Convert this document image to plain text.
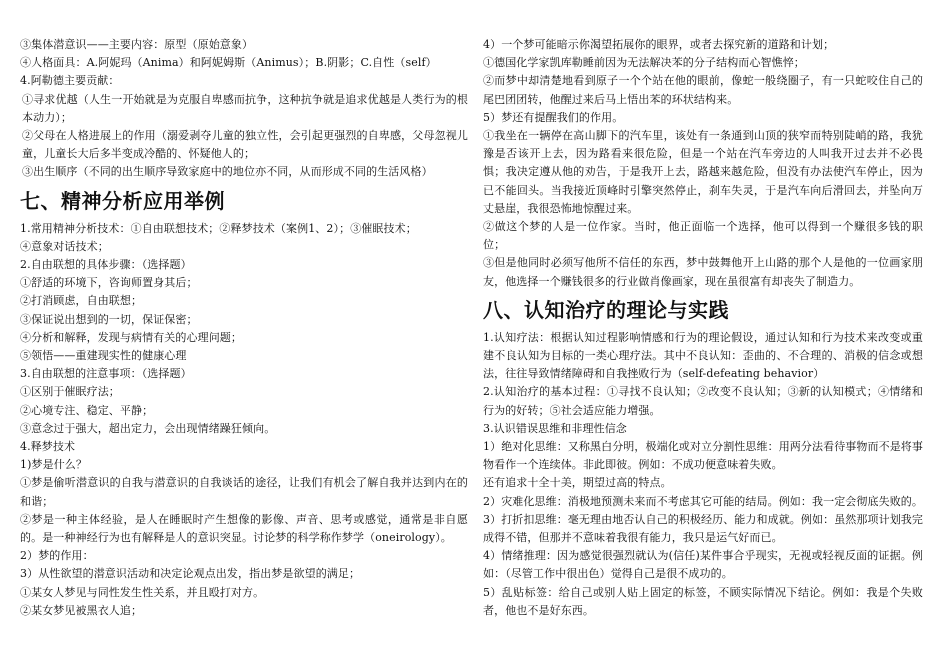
③集体潜意识——主要内容：原型（原始意象）

④人格面具：A.阿妮玛（Anima）和阿妮姆斯（Animus）；B.阴影；C.自性（self）

4.阿勒德主要贡献：

①寻求优越（人生一开始就是为克服自卑感而抗争，这种抗争就是追求优越是人类行为的根本动力）；

②父母在人格进展上的作用（溺爱剥夺儿童的独立性，会引起更强烈的自卑感，父母忽视儿童，儿童长大后多半变成冷酷的、怀疑他人的；

③出生顺序（不同的出生顺序导致家庭中的地位亦不同，从而形成不同的生活风格）

七、精神分析应用举例

1.常用精神分析技术：①自由联想技术；②释梦技术（案例1、2）；③催眠技术；

④意象对话技术；

2.自由联想的具体步骤：（选择题）

①舒适的环境下，咨询师置身其后；

②打消顾虑，自由联想；

③保证说出想到的一切，保证保密；

④分析和解释，发现与病情有关的心理问题；

⑤领悟——重建现实性的健康心理

3.自由联想的注意事项：（选择题）

①区别于催眠疗法；

②心境专注、稳定、平静；

③意念过于强大，超出定力，会出现情绪躁狂倾向。

4.释梦技术

1)梦是什么？

①梦是偷听潜意识的自我与潜意识的自我谈话的途径，让我们有机会了解自我并达到内在的和谐；

②梦是一种主体经验，是人在睡眠时产生想像的影像、声音、思考或感觉，通常是非自愿的。是一种神经行为也有解释是人的意识突显。讨论梦的科学称作梦学（oneirology）。

2）梦的作用：

3）从性欲望的潜意识活动和决定论观点出发，指出梦是欲望的满足；

①某女人梦见与同性发生性关系，并且殴打对方。

②某女梦见被黑衣人追；

4）一个梦可能暗示你渴望拓展你的眼界，或者去探究新的道路和计划；

①德国化学家凯库勒睡前因为无法解决苯的分子结构而心智憔悴；

②而梦中却清楚地看到原子一个个站在他的眼前，像蛇一般绕圈子，有一只蛇咬住自己的尾巴团团转，他醒过来后马上悟出苯的环状结构来。

5）梦还有提醒我们的作用。

①我坐在一辆停在高山脚下的汽车里，该处有一条通到山顶的狭窄而特别陡峭的路，我犹豫是否该开上去，因为路看来很危险，但是一个站在汽车旁边的人叫我开过去并不必畏惧；我决定遵从他的劝告，于是我开上去，路越来越危险，但没有办法使汽车停止，因为已不能回头。当我接近顶峰时引擎突然停止，刹车失灵，于是汽车向后滑回去，并坠向万丈悬崖，我很恐怖地惊醒过来。

②做这个梦的人是一位作家。当时，他正面临一个选择，他可以得到一个赚很多钱的职位；

③但是他同时必须写他所不信任的东西，梦中鼓舞他开上山路的那个人是他的一位画家朋友，他选择一个赚钱很多的行业做肖像画家，现在虽很富有却丧失了制造力。

八、认知治疗的理论与实践

1.认知疗法：根据认知过程影响情感和行为的理论假设，通过认知和行为技术来改变或重建不良认知为目标的一类心理疗法。其中不良认知：歪曲的、不合理的、消极的信念或想法，往往导致情绪障碍和自我挫败行为（self-defeating behavior）

2.认知治疗的基本过程：①寻找不良认知；②改变不良认知；③新的认知模式；④情绪和行为的好转；⑤社会适应能力增强。

3.认识错误思维和非理性信念

1）绝对化思维：又称黑白分明，极端化或对立分割性思维：用两分法看待事物而不是将事物看作一个连续体。非此即彼。例如：不成功便意味着失败。

还有追求十全十美，期望过高的特点。

2）灾难化思维：消极地预测未来而不考虑其它可能的结局。例如：我一定会彻底失败的。

3）打折扣思维：毫无理由地否认自己的积极经历、能力和成就。例如：虽然那项计划我完成得不错，但那并不意味着我很有能力，我只是运气好而已。

4）情绪推理：因为感觉很强烈就认为(信任)某件事合乎现实，无视或轻视反面的证据。例如：（尽管工作中很出色）觉得自己是很不成功的。

5）乱贴标签：给自己或别人贴上固定的标签，不顾实际情况下结论。例如：我是个失败者，他也不是好东西。
